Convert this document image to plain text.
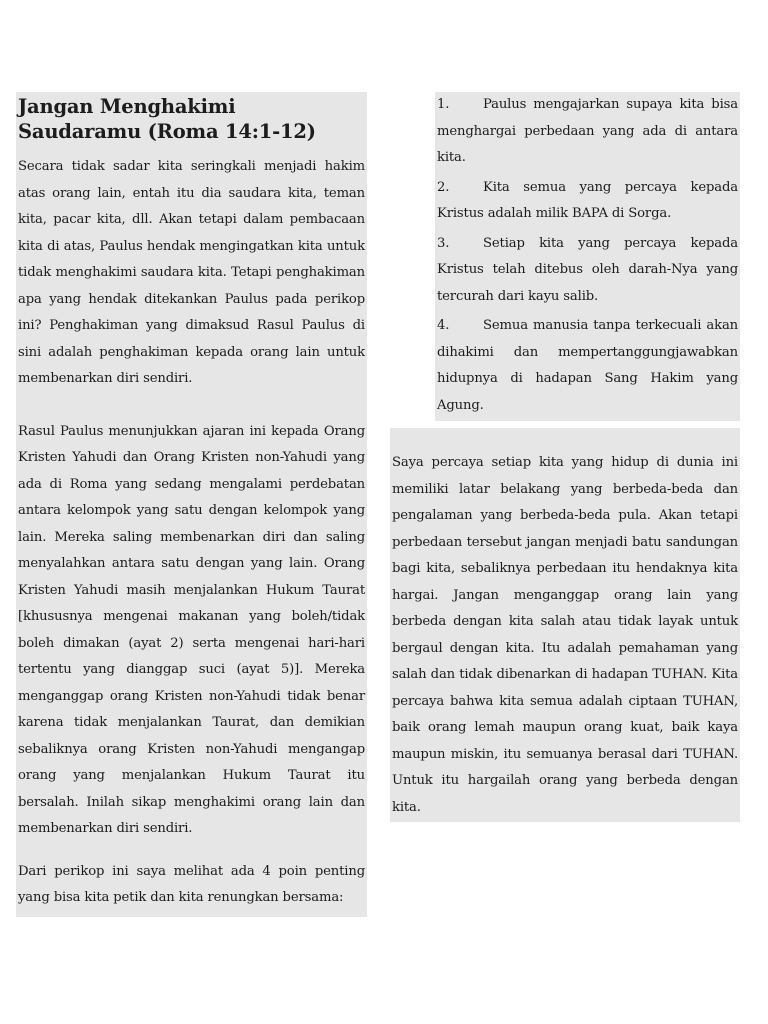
Jangan Menghakimi Saudaramu (Roma 14:1-12)

Secara tidak sadar kita seringkali menjadi hakim atas orang lain, entah itu dia saudara kita, teman kita, pacar kita, dll. Akan tetapi dalam pembacaan kita di atas, Paulus hendak mengingatkan kita untuk tidak menghakimi saudara kita. Tetapi penghakiman apa yang hendak ditekankan Paulus pada perikop ini? Penghakiman yang dimaksud Rasul Paulus di sini adalah penghakiman kepada orang lain untuk membenarkan diri sendiri.

Rasul Paulus menunjukkan ajaran ini kepada Orang Kristen Yahudi dan Orang Kristen non-Yahudi yang ada di Roma yang sedang mengalami perdebatan antara kelompok yang satu dengan kelompok yang lain. Mereka saling membenarkan diri dan saling menyalahkan antara satu dengan yang lain. Orang Kristen Yahudi masih menjalankan Hukum Taurat [khususnya mengenai makanan yang boleh/tidak boleh dimakan (ayat 2) serta mengenai hari-hari tertentu yang dianggap suci (ayat 5)]. Mereka menganggap orang Kristen non-Yahudi tidak benar karena tidak menjalankan Taurat, dan demikian sebaliknya orang Kristen non-Yahudi mengangap orang yang menjalankan Hukum Taurat itu bersalah. Inilah sikap menghakimi orang lain dan membenarkan diri sendiri.

Dari perikop ini saya melihat ada 4 poin penting yang bisa kita petik dan kita renungkan bersama:

1.	Paulus mengajarkan supaya kita bisa menghargai perbedaan yang ada di antara kita.
2.	Kita semua yang percaya kepada Kristus adalah milik BAPA di Sorga.
3.	Setiap kita yang percaya kepada Kristus telah ditebus oleh darah-Nya yang tercurah dari kayu salib.
4.	Semua manusia tanpa terkecuali akan dihakimi dan mempertanggungjawabkan hidupnya di hadapan Sang Hakim yang Agung.

Saya percaya setiap kita yang hidup di dunia ini memiliki latar belakang yang berbeda-beda dan pengalaman yang berbeda-beda pula. Akan tetapi perbedaan tersebut jangan menjadi batu sandungan bagi kita, sebaliknya perbedaan itu hendaknya kita hargai. Jangan menganggap orang lain yang berbeda dengan kita salah atau tidak layak untuk bergaul dengan kita. Itu adalah pemahaman yang salah dan tidak dibenarkan di hadapan TUHAN. Kita percaya bahwa kita semua adalah ciptaan TUHAN, baik orang lemah maupun orang kuat, baik kaya maupun miskin, itu semuanya berasal dari TUHAN. Untuk itu hargailah orang yang berbeda dengan kita.
